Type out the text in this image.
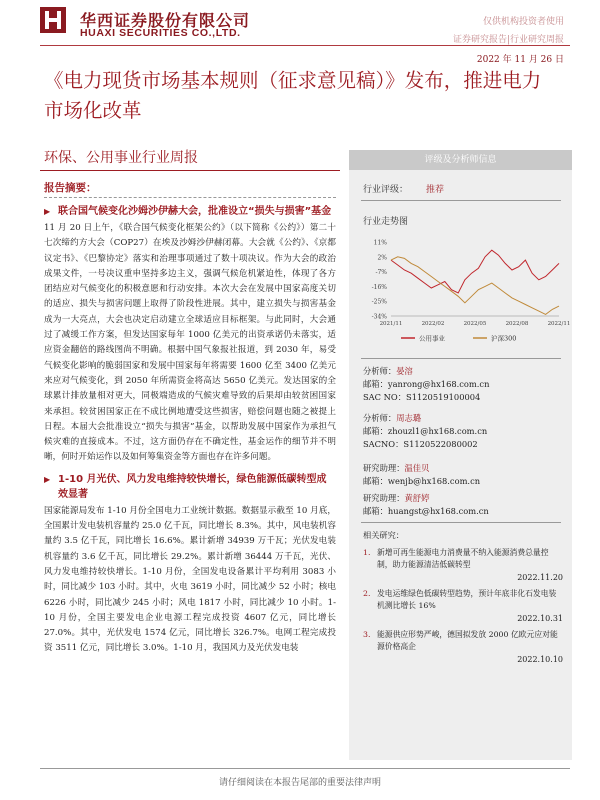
华西证券股份有限公司
HUAXI SECURITIES CO.,LTD.
仅供机构投资者使用
证券研究报告|行业研究周报
2022 年 11 月 26 日
《电力现货市场基本规则（征求意见稿）》发布，推进电力市场化改革
环保、公用事业行业周报
报告摘要：
▶ 联合国气候变化沙姆沙伊赫大会，批准设立“损失与损害”基金
11 月 20 日上午，《联合国气候变化框架公约》（以下简称《公约》）第二十七次缔约方大会（COP27）在埃及沙姆沙伊赫闭幕。大会就《公约》、《京都议定书》、《巴黎协定》落实和治理事项通过了数十项决议。作为大会的政治成果文件，一号决议重申坚持多边主义，强调气候危机紧迫性，体现了各方团结应对气候变化的积极意愿和行动安排。本次大会在发展中国家高度关切的适应、损失与损害问题上取得了阶段性进展。其中，建立损失与损害基金成为一大亮点，大会也决定启动建立全球适应目标框架。与此同时，大会通过了减缓工作方案，但发达国家每年 1000 亿美元的出资承诺仍未落实，适应资金翻倍的路线图尚不明确。根据中国气象报社报道，到 2030 年，易受气候变化影响的脆弱国家和发展中国家每年将需要 1600 亿至 3400 亿美元来应对气候变化，到 2050 年所需资金将高达 5650 亿美元。发达国家的全球累计排放量相对更大，同极端造成的气候灾难导致的后果却由较贫困国家来承担。较贫困国家正在不成比例地遭受这些损害，赔偿问题也随之被提上日程。本届大会批准设立“损失与损害”基金，以帮助发展中国家作为承担气候灾难的直接成本。不过，这方面仍存在不确定性，基金运作的细节并不明晰，何时开始运作以及如何筹集资金等方面也存在许多问题。
▶ 1-10 月光伏、风力发电维持较快增长，绿色能源低碳转型成效显著
国家能源局发布 1-10 月份全国电力工业统计数据。数据显示截至 10 月底，全国累计发电装机容量约 25.0 亿千瓦，同比增长 8.3%。其中，风电装机容量约 3.5 亿千瓦，同比增长 16.6%。累计新增 34939 万千瓦；光伏发电装机容量约 3.6 亿千瓦，同比增长 29.2%。累计新增 36444 万千瓦，光伏、风力发电维持较快增长。1-10 月份，全国发电设备累计平均利用 3083 小时，同比减少 103 小时。其中，火电 3619 小时，同比减少 52 小时；核电 6226 小时，同比减少 245 小时；风电 1817 小时，同比减少 10 小时。1-10 月份，全国主要发电企业电源工程完成投资 4607 亿元，同比增长 27.0%。其中，光伏发电 1574 亿元，同比增长 326.7%。电网工程完成投资 3511 亿元，同比增长 3.0%。1-10 月，我国风力及光伏发电装
评级及分析师信息
行业评级： 推荐
行业走势图
11%
2%
-7%
-16%
-25%
-34%
2021/11	2022/02	2022/05	2022/08	2022/11
公用事业	沪深300
分析师：晏溶
邮箱：yanrong@hx168.com.cn
SAC NO：S1120519100004
分析师：周志璐
邮箱：zhouzl1@hx168.com.cn
SACNO：S1120522080002
研究助理：温佳贝
邮箱：wenjb@hx168.com.cn
研究助理：黄舒婷
邮箱：huangst@hx168.com.cn
相关研究：
1. 新增可再生能源电力消费量不纳入能源消费总量控制，助力能源清洁低碳转型
2022.11.20
2. 发电运维绿色低碳转型趋势，预计年底非化石发电装机测比增长 16%
2022.10.31
3. 能源供应形势严峻，德国拟发放 2000 亿欧元应对能源价格高企
2022.10.10
请仔细阅读在本报告尾部的重要法律声明
